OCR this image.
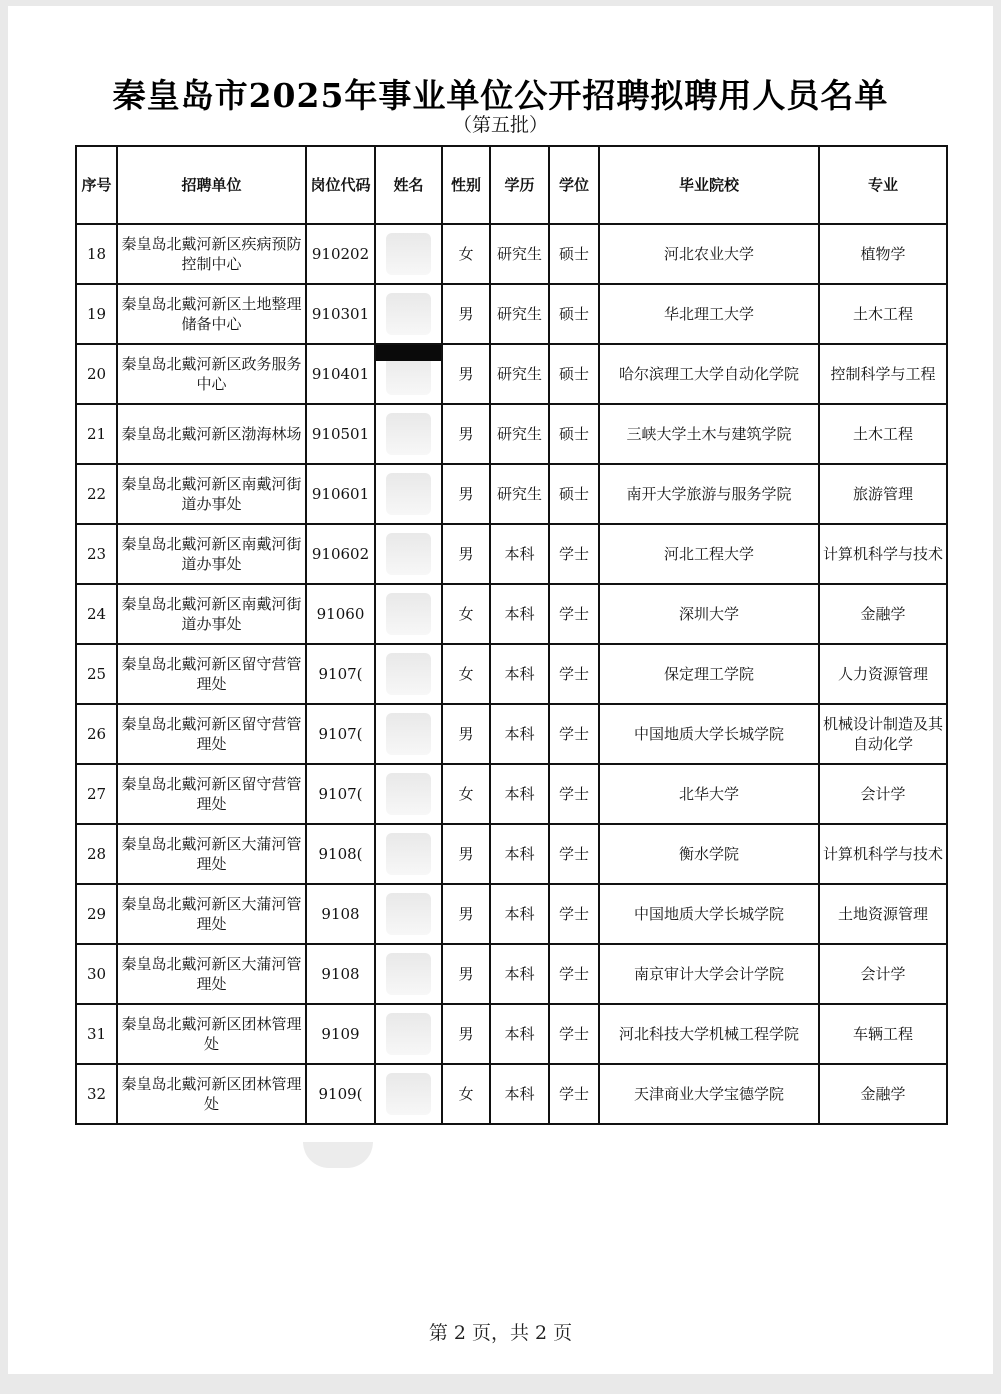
秦皇岛市2025年事业单位公开招聘拟聘用人员名单
（第五批）
序号	招聘单位	岗位代码	姓名	性别	学历	学位	毕业院校	专业
18	秦皇岛北戴河新区疾病预防控制中心	910202		女	研究生	硕士	河北农业大学	植物学
19	秦皇岛北戴河新区土地整理储备中心	910301		男	研究生	硕士	华北理工大学	土木工程
20	秦皇岛北戴河新区政务服务中心	910401		男	研究生	硕士	哈尔滨理工大学自动化学院	控制科学与工程
21	秦皇岛北戴河新区渤海林场	910501		男	研究生	硕士	三峡大学土木与建筑学院	土木工程
22	秦皇岛北戴河新区南戴河街道办事处	910601		男	研究生	硕士	南开大学旅游与服务学院	旅游管理
23	秦皇岛北戴河新区南戴河街道办事处	910602		男	本科	学士	河北工程大学	计算机科学与技术
24	秦皇岛北戴河新区南戴河街道办事处	91060		女	本科	学士	深圳大学	金融学
25	秦皇岛北戴河新区留守营管理处	9107(		女	本科	学士	保定理工学院	人力资源管理
26	秦皇岛北戴河新区留守营管理处	9107(		男	本科	学士	中国地质大学长城学院	机械设计制造及其自动化学
27	秦皇岛北戴河新区留守营管理处	9107(		女	本科	学士	北华大学	会计学
28	秦皇岛北戴河新区大蒲河管理处	9108(		男	本科	学士	衡水学院	计算机科学与技术
29	秦皇岛北戴河新区大蒲河管理处	9108		男	本科	学士	中国地质大学长城学院	土地资源管理
30	秦皇岛北戴河新区大蒲河管理处	9108		男	本科	学士	南京审计大学会计学院	会计学
31	秦皇岛北戴河新区团林管理处	9109		男	本科	学士	河北科技大学机械工程学院	车辆工程
32	秦皇岛北戴河新区团林管理处	9109(		女	本科	学士	天津商业大学宝德学院	金融学
第 2 页，共 2 页
